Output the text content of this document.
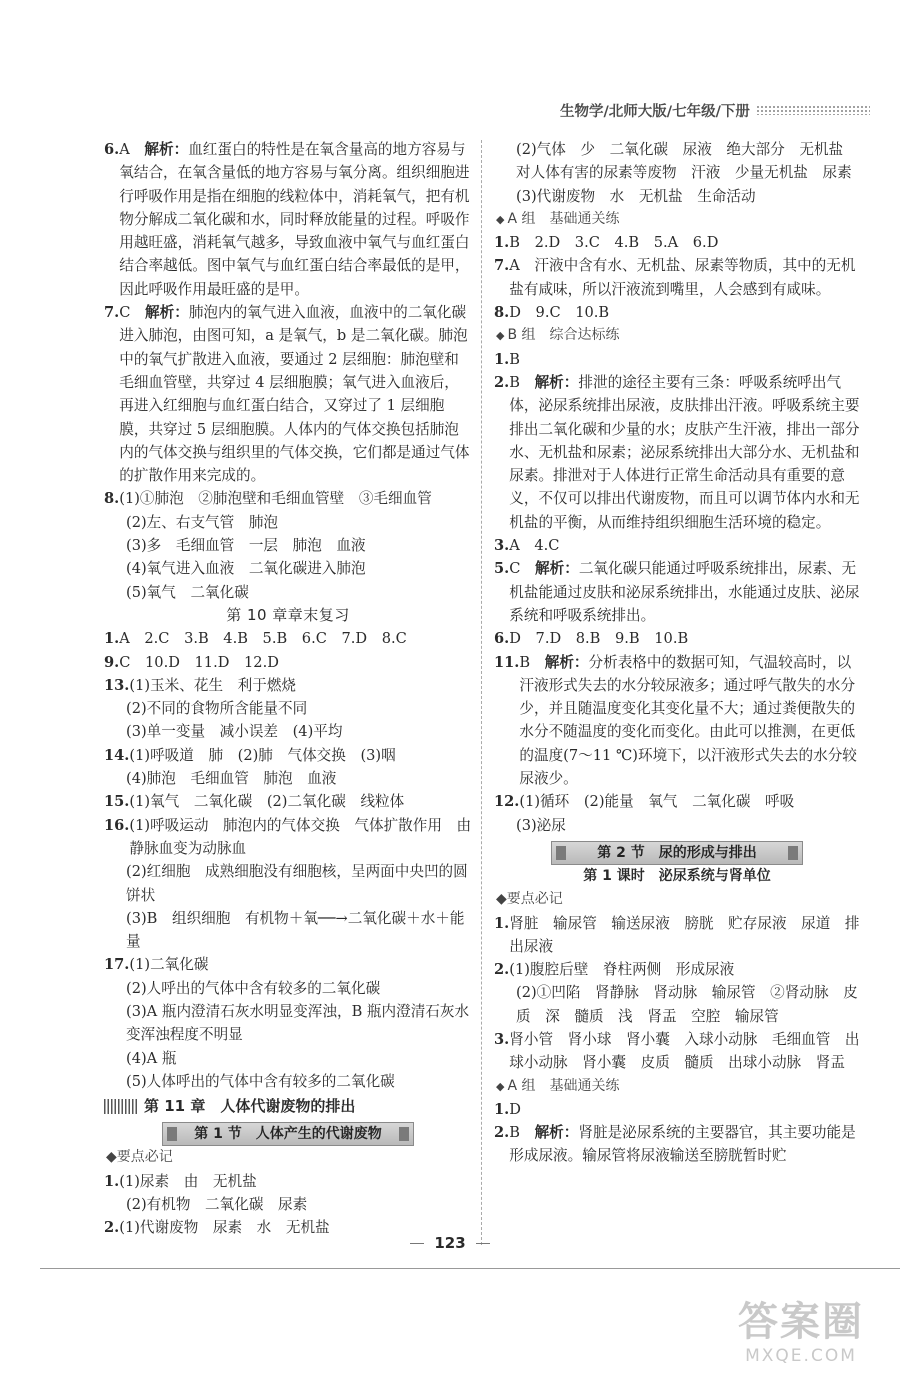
生物学/北师大版/七年级/下册
6. A　解析：血红蛋白的特性是在氧含量高的地方容易与氧结合，在氧含量低的地方容易与氧分离。组织细胞进行呼吸作用是指在细胞的线粒体中，消耗氧气，把有机物分解成二氧化碳和水，同时释放能量的过程。呼吸作用越旺盛，消耗氧气越多，导致血液中氧气与血红蛋白结合率越低。图中氧气与血红蛋白结合率最低的是甲，因此呼吸作用最旺盛的是甲。
7. C　解析：肺泡内的氧气进入血液，血液中的二氧化碳进入肺泡，由图可知，a 是氧气，b 是二氧化碳。肺泡中的氧气扩散进入血液，要通过 2 层细胞：肺泡壁和毛细血管壁，共穿过 4 层细胞膜；氧气进入血液后，再进入红细胞与血红蛋白结合，又穿过了 1 层细胞膜，共穿过 5 层细胞膜。人体内的气体交换包括肺泡内的气体交换与组织里的气体交换，它们都是通过气体的扩散作用来完成的。
8. (1)①肺泡　②肺泡壁和毛细血管壁　③毛细血管
(2)左、右支气管　肺泡
(3)多　毛细血管　一层　肺泡　血液
(4)氧气进入血液　二氧化碳进入肺泡
(5)氧气　二氧化碳
第 10 章章末复习
1. A　2.C　3.B　4.B　5.B　6.C　7.D　8.C
9. C　10.D　11.D　12.D
13. (1)玉米、花生　利于燃烧
(2)不同的食物所含能量不同
(3)单一变量　减小误差　(4)平均
14. (1)呼吸道　肺　(2)肺　气体交换　(3)咽
(4)肺泡　毛细血管　肺泡　血液
15. (1)氧气　二氧化碳　(2)二氧化碳　线粒体
16. (1)呼吸运动　肺泡内的气体交换　气体扩散作用　由静脉血变为动脉血
(2)红细胞　成熟细胞没有细胞核，呈两面中央凹的圆饼状
(3)B　组织细胞　有机物＋氧──→二氧化碳＋水＋能量
17. (1)二氧化碳
(2)人呼出的气体中含有较多的二氧化碳
(3)A 瓶内澄清石灰水明显变浑浊，B 瓶内澄清石灰水变浑浊程度不明显
(4)A 瓶
(5)人体呼出的气体中含有较多的二氧化碳
第 11 章　人体代谢废物的排出
第 1 节　人体产生的代谢废物
◆要点必记
1. (1)尿素　由　无机盐
(2)有机物　二氧化碳　尿素
2. (1)代谢废物　尿素　水　无机盐
(2)气体　少　二氧化碳　尿液　绝大部分　无机盐　对人体有害的尿素等废物　汗液　少量无机盐　尿素
(3)代谢废物　水　无机盐　生命活动
◆ A 组　基础通关练
1. B　2.D　3.C　4.B　5.A　6.D
7. A　汗液中含有水、无机盐、尿素等物质，其中的无机盐有咸味，所以汗液流到嘴里，人会感到有咸味。
8. D　9.C　10.B
◆ B 组　综合达标练
1. B
2. B　解析：排泄的途径主要有三条：呼吸系统呼出气体，泌尿系统排出尿液，皮肤排出汗液。呼吸系统主要排出二氧化碳和少量的水；皮肤产生汗液，排出一部分水、无机盐和尿素；泌尿系统排出大部分水、无机盐和尿素。排泄对于人体进行正常生命活动具有重要的意义，不仅可以排出代谢废物，而且可以调节体内水和无机盐的平衡，从而维持组织细胞生活环境的稳定。
3. A　4.C
5. C　解析：二氧化碳只能通过呼吸系统排出，尿素、无机盐能通过皮肤和泌尿系统排出，水能通过皮肤、泌尿系统和呼吸系统排出。
6. D　7.D　8.B　9.B　10.B
11. B　解析：分析表格中的数据可知，气温较高时，以汗液形式失去的水分较尿液多；通过呼气散失的水分少，并且随温度变化其变化量不大；通过粪便散失的水分不随温度的变化而变化。由此可以推测，在更低的温度(7～11 ℃)环境下，以汗液形式失去的水分较尿液少。
12. (1)循环　(2)能量　氧气　二氧化碳　呼吸
(3)泌尿
第 2 节　尿的形成与排出
第 1 课时　泌尿系统与肾单位
◆要点必记
1. 肾脏　输尿管　输送尿液　膀胱　贮存尿液　尿道　排出尿液
2. (1)腹腔后壁　脊柱两侧　形成尿液
(2)①凹陷　肾静脉　肾动脉　输尿管　②肾动脉　皮质　深　髓质　浅　肾盂　空腔　输尿管
3. 肾小管　肾小球　肾小囊　入球小动脉　毛细血管　出球小动脉　肾小囊　皮质　髓质　出球小动脉　肾盂
◆ A 组　基础通关练
1. D
2. B　解析：肾脏是泌尿系统的主要器官，其主要功能是形成尿液。输尿管将尿液输送至膀胱暂时贮
123
答案圈
MXQE.COM
